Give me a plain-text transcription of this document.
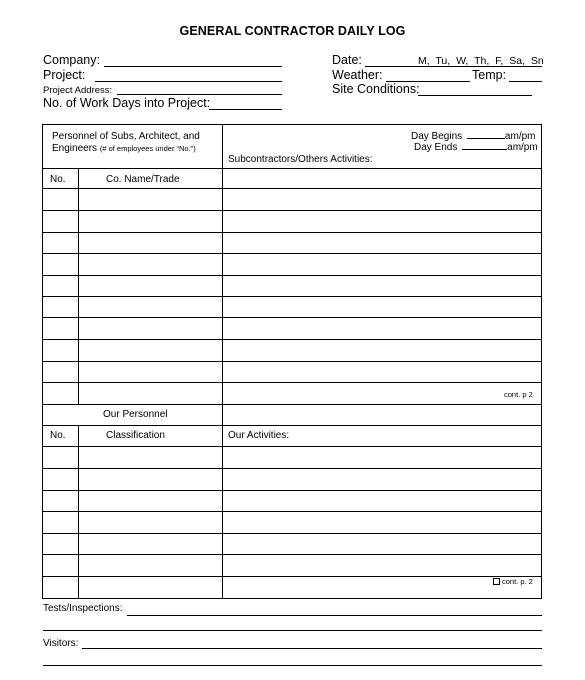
GENERAL CONTRACTOR DAILY LOG
Company:
Project:
Project Address:
No. of Work Days into Project:
Date:	M, Tu, W, Th, F, Sa, Sn
Weather:	Temp:
Site Conditions:
Personnel of Subs, Architect, and
Engineers (# of employees under “No.”)
Day Begins	am/pm
Day Ends	am/pm
Subcontractors/Others Activities:
No.	Co. Name/Trade
cont. p 2
Our Personnel
No.	Classification	Our Activities:
cont. p. 2
Tests/Inspections:
Visitors:
